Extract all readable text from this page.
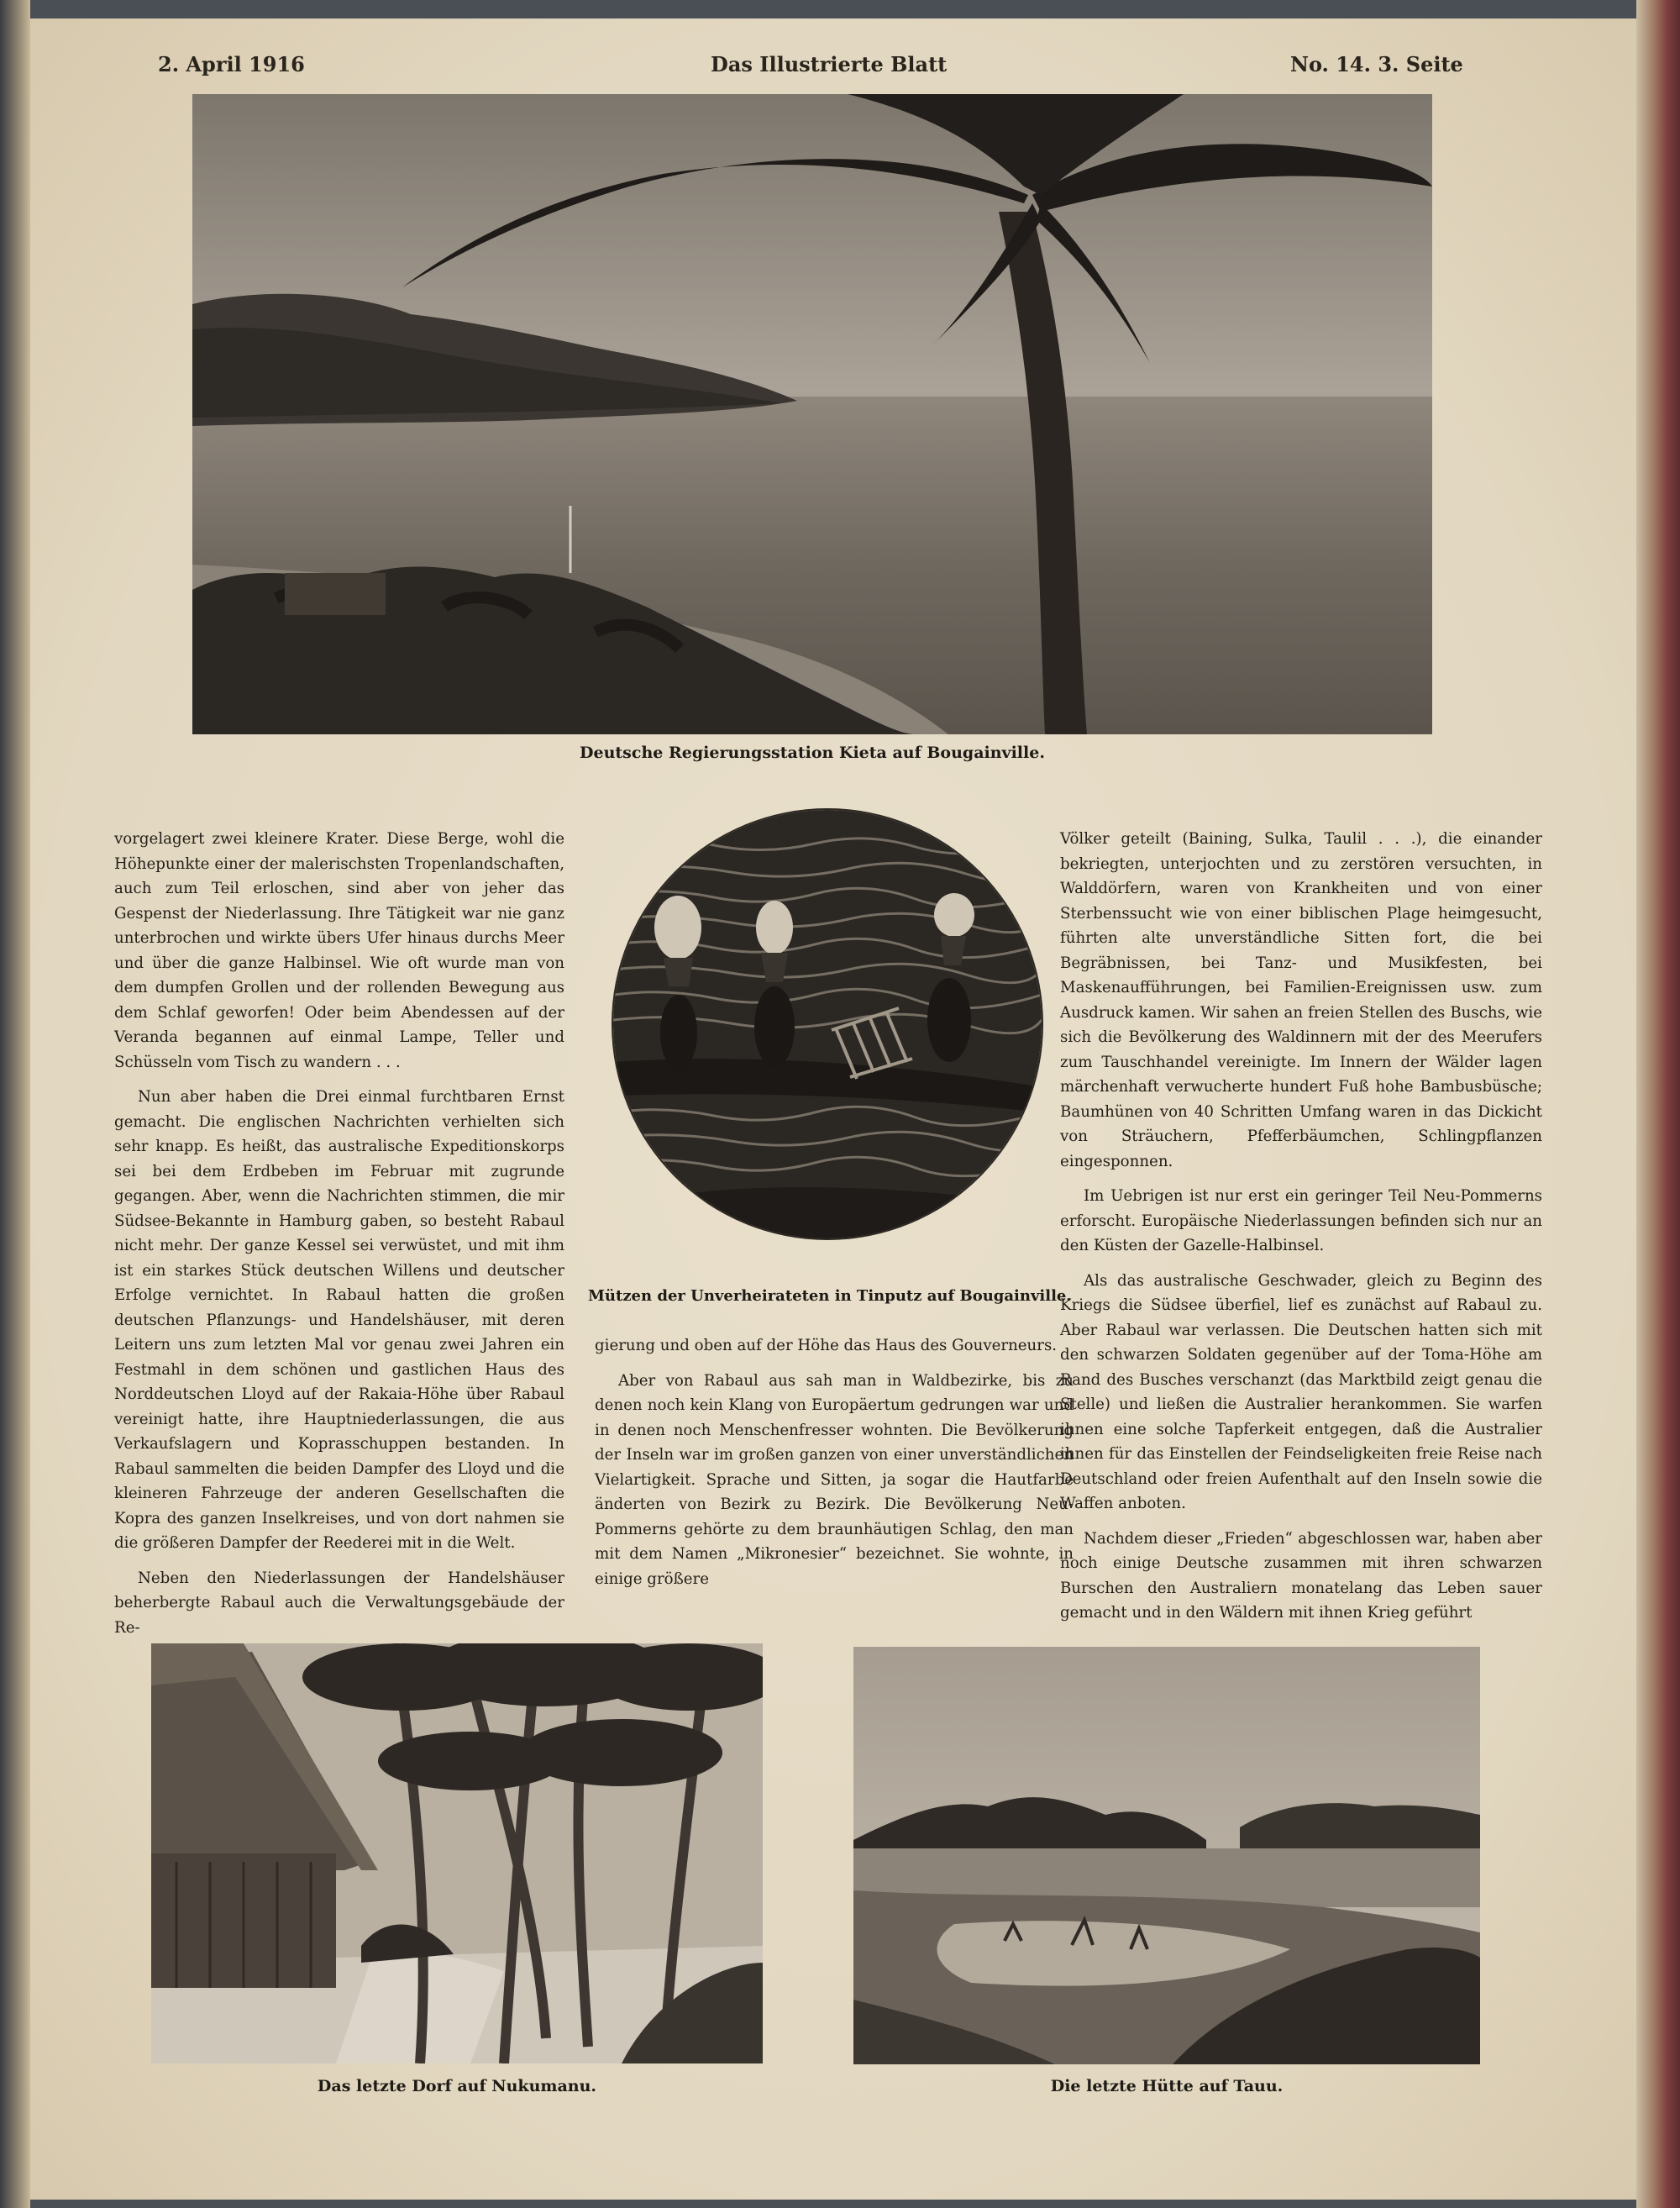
2. April 1916	Das Illustrierte Blatt	No. 14. 3. Seite
Deutsche Regierungsstation Kieta auf Bougainville.
Mützen der Unverheirateten in Tinputz auf Bougainville.

vorgelagert zwei kleinere Krater. Diese Berge, wohl die Höhepunkte einer der malerischsten Tropenlandschaften, auch zum Teil erloschen, sind aber von jeher das Gespenst der Niederlassung. Ihre Tätigkeit war nie ganz unterbrochen und wirkte übers Ufer hinaus durchs Meer und über die ganze Halbinsel. Wie oft wurde man von dem dumpfen Grollen und der rollenden Bewegung aus dem Schlaf geworfen! Oder beim Abendessen auf der Veranda begannen auf einmal Lampe, Teller und Schüsseln vom Tisch zu wandern . . .

Nun aber haben die Drei einmal furchtbaren Ernst gemacht. Die englischen Nachrichten verhielten sich sehr knapp. Es heißt, das australische Expeditionskorps sei bei dem Erdbeben im Februar mit zugrunde gegangen. Aber, wenn die Nachrichten stimmen, die mir Südsee-Bekannte in Hamburg gaben, so besteht Rabaul nicht mehr. Der ganze Kessel sei verwüstet, und mit ihm ist ein starkes Stück deutschen Willens und deutscher Erfolge vernichtet. In Rabaul hatten die großen deutschen Pflanzungs- und Handelshäuser, mit deren Leitern uns zum letzten Mal vor genau zwei Jahren ein Festmahl in dem schönen und gastlichen Haus des Norddeutschen Lloyd auf der Rakaia-Höhe über Rabaul vereinigt hatte, ihre Hauptniederlassungen, die aus Verkaufslagern und Koprasschuppen bestanden. In Rabaul sammelten die beiden Dampfer des Lloyd und die kleineren Fahrzeuge der anderen Gesellschaften die Kopra des ganzen Inselkreises, und von dort nahmen sie die größeren Dampfer der Reederei mit in die Welt.

Neben den Niederlassungen der Handelshäuser beherbergte Rabaul auch die Verwaltungsgebäude der Re-

gierung und oben auf der Höhe das Haus des Gouverneurs.

Aber von Rabaul aus sah man in Waldbezirke, bis zu denen noch kein Klang von Europäertum gedrungen war und in denen noch Menschenfresser wohnten. Die Bevölkerung der Inseln war im großen ganzen von einer unverständlichen Vielartigkeit. Sprache und Sitten, ja sogar die Hautfarbe änderten von Bezirk zu Bezirk. Die Bevölkerung Neu-Pommerns gehörte zu dem braunhäutigen Schlag, den man mit dem Namen „Mikronesier“ bezeichnet. Sie wohnte, in einige größere

Völker geteilt (Baining, Sulka, Taulil . . .), die einander bekriegten, unterjochten und zu zerstören versuchten, in Walddörfern, waren von Krankheiten und von einer Sterbenssucht wie von einer biblischen Plage heimgesucht, führten alte unverständliche Sitten fort, die bei Begräbnissen, bei Tanz- und Musikfesten, bei Maskenaufführungen, bei Familien-Ereignissen usw. zum Ausdruck kamen. Wir sahen an freien Stellen des Buschs, wie sich die Bevölkerung des Waldinnern mit der des Meerufers zum Tauschhandel vereinigte. Im Innern der Wälder lagen märchenhaft verwucherte hundert Fuß hohe Bambusbüsche; Baumhünen von 40 Schritten Umfang waren in das Dickicht von Sträuchern, Pfefferbäumchen, Schlingpflanzen eingesponnen.

Im Uebrigen ist nur erst ein geringer Teil Neu-Pommerns erforscht. Europäische Niederlassungen befinden sich nur an den Küsten der Gazelle-Halbinsel.

Als das australische Geschwader, gleich zu Beginn des Kriegs die Südsee überfiel, lief es zunächst auf Rabaul zu. Aber Rabaul war verlassen. Die Deutschen hatten sich mit den schwarzen Soldaten gegenüber auf der Toma-Höhe am Rand des Busches verschanzt (das Marktbild zeigt genau die Stelle) und ließen die Australier herankommen. Sie warfen ihnen eine solche Tapferkeit entgegen, daß die Australier ihnen für das Einstellen der Feindseligkeiten freie Reise nach Deutschland oder freien Aufenthalt auf den Inseln sowie die Waffen anboten.

Nachdem dieser „Frieden“ abgeschlossen war, haben aber noch einige Deutsche zusammen mit ihren schwarzen Burschen den Australiern monatelang das Leben sauer gemacht und in den Wäldern mit ihnen Krieg geführt

Das letzte Dorf auf Nukumanu.	Die letzte Hütte auf Tauu.
